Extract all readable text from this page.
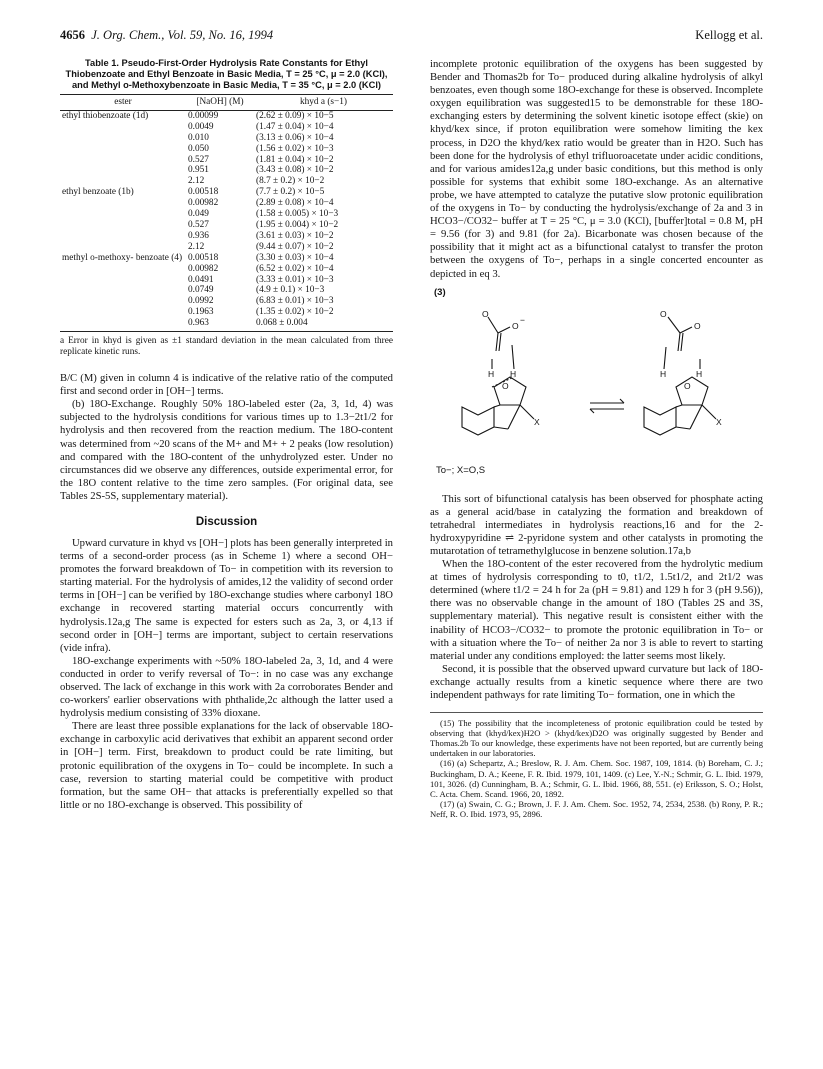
4656 J. Org. Chem., Vol. 59, No. 16, 1994	Kellogg et al.
Table 1. Pseudo-First-Order Hydrolysis Rate Constants for Ethyl Thiobenzoate and Ethyl Benzoate in Basic Media, T = 25 °C, μ = 2.0 (KCl), and Methyl o-Methoxybenzoate in Basic Media, T = 35 °C, μ = 2.0 (KCl)
ester	[NaOH] (M)	khyd a (s−1)
ethyl thiobenzoate (1d)	0.00099	(2.62 ± 0.09) × 10−5
	0.0049	(1.47 ± 0.04) × 10−4
	0.010	(3.13 ± 0.06) × 10−4
	0.050	(1.56 ± 0.02) × 10−3
	0.527	(1.81 ± 0.04) × 10−2
	0.951	(3.43 ± 0.08) × 10−2
	2.12	(8.7 ± 0.2) × 10−2
ethyl benzoate (1b)	0.00518	(7.7 ± 0.2) × 10−5
	0.00982	(2.89 ± 0.08) × 10−4
	0.049	(1.58 ± 0.005) × 10−3
	0.527	(1.95 ± 0.004) × 10−2
	0.936	(3.61 ± 0.03) × 10−2
	2.12	(9.44 ± 0.07) × 10−2
methyl o-methoxy- benzoate (4)	0.00518	(3.30 ± 0.03) × 10−4
	0.00982	(6.52 ± 0.02) × 10−4
	0.0491	(3.33 ± 0.01) × 10−3
	0.0749	(4.9 ± 0.1) × 10−3
	0.0992	(6.83 ± 0.01) × 10−3
	0.1963	(1.35 ± 0.02) × 10−2
	0.963	0.068 ± 0.004
a Error in khyd is given as ±1 standard deviation in the mean calculated from three replicate kinetic runs.

B/C (M) given in column 4 is indicative of the relative ratio of the computed first and second order in [OH−] terms.

(b) 18O-Exchange. Roughly 50% 18O-labeled ester (2a, 3, 1d, 4) was subjected to the hydrolysis conditions for various times up to 1.3−2t1/2 for hydrolysis and then recovered from the reaction medium. The 18O-content was determined from ~20 scans of the M+ and M+ + 2 peaks (low resolution) and compared with the 18O-content of the unhydrolyzed ester. Under no circumstances did we observe any differences, outside experimental error, for the 18O content relative to the time zero samples. (For original data, see Tables 2S-5S, supplementary material).

Discussion

Upward curvature in khyd vs [OH−] plots has been generally interpreted in terms of a second-order process (as in Scheme 1) where a second OH− promotes the forward breakdown of To− in competition with its reversion to starting material. For the hydrolysis of amides,12 the validity of second order terms in [OH−] can be verified by 18O-exchange studies where carbonyl 18O exchange in recovered starting material occurs concurrently with hydrolysis.12a,g The same is expected for esters such as 2a, 3, or 4,13 if second order in [OH−] terms are important, subject to certain reservations (vide infra).

18O-exchange experiments with ~50% 18O-labeled 2a, 3, 1d, and 4 were conducted in order to verify reversal of To−: in no case was any exchange observed. The lack of exchange in this work with 2a corroborates Bender and co-workers' earlier observations with phthalide,2c although the latter used a hydrolysis medium consisting of 33% dioxane.

There are least three possible explanations for the lack of observable 18O-exchange in carboxylic acid derivatives that exhibit an apparent second order in [OH−] term. First, breakdown to product could be rate limiting, but protonic equilibration of the oxygens in To− could be incomplete. In such a case, reversion to starting material could be competitive with product formation, but the same OH− that attacks is preferentially expelled so that little or no 18O-exchange is observed. This possibility of

incomplete protonic equilibration of the oxygens has been suggested by Bender and Thomas2b for To− produced during alkaline hydrolysis of alkyl benzoates, even though some 18O-exchange for these is observed. Incomplete oxygen equilibration was suggested15 to be demonstrable for these 18O-exchanging esters by determining the solvent kinetic isotope effect (skie) on khyd/kex since, if proton equilibration were somehow limiting the kex process, in D2O the khyd/kex ratio would be greater than in H2O. Such has been done for the hydrolysis of ethyl trifluoroacetate under acidic conditions, and for various amides12a,g under basic conditions, but this method is only possible for systems that exhibit some 18O-exchange. As an alternative probe, we have attempted to catalyze the putative slow protonic equilibration of the oxygens in To− by conducting the hydrolysis/exchange of 2a and 3 in HCO3−/CO32− buffer at T = 25 °C, μ = 3.0 (KCl), [buffer]total = 0.8 M, pH = 9.56 (for 3) and 9.81 (for 2a). Bicarbonate was chosen because of the possibility that it might act as a bifunctional catalyst to transfer the proton between the oxygens of To−, perhaps in a single concerted encounter as depicted in eq 3.

(3)
O
O
−
H H
X
O
O
O
H	H
X
O
To−; X=O,S

This sort of bifunctional catalysis has been observed for phosphate acting as a general acid/base in catalyzing the formation and breakdown of tetrahedral intermediates in hydrolysis reactions,16 and for the 2-hydroxypyridine ⇌ 2-pyridone system and other catalysts in promoting the mutarotation of tetramethylglucose in benzene solution.17a,b

When the 18O-content of the ester recovered from the hydrolytic medium at times of hydrolysis corresponding to t0, t1/2, 1.5t1/2, and 2t1/2 was determined (where t1/2 = 24 h for 2a (pH = 9.81) and 129 h for 3 (pH 9.56)), there was no observable change in the amount of 18O (Tables 2S and 3S, supplementary material). This negative result is consistent either with the inability of HCO3−/CO32− to promote the protonic equilibration in To− or with a situation where the To− of neither 2a nor 3 is able to revert to starting material under any conditions employed: the latter seems most likely.

Second, it is possible that the observed upward curvature but lack of 18O-exchange actually results from a kinetic sequence where there are two independent pathways for rate limiting To− formation, one in which the

(15) The possibility that the incompleteness of protonic equilibration could be tested by observing that (khyd/kex)H2O > (khyd/kex)D2O was originally suggested by Bender and Thomas.2b To our knowledge, these experiments have not been reported, but are currently being undertaken in our laboratories.

(16) (a) Schepartz, A.; Breslow, R. J. Am. Chem. Soc. 1987, 109, 1814. (b) Boreham, C. J.; Buckingham, D. A.; Keene, F. R. Ibid. 1979, 101, 1409. (c) Lee, Y.-N.; Schmir, G. L. Ibid. 1979, 101, 3026. (d) Cunningham, B. A.; Schmir, G. L. Ibid. 1966, 88, 551. (e) Eriksson, S. O.; Holst, C. Acta. Chem. Scand. 1966, 20, 1892.

(17) (a) Swain, C. G.; Brown, J. F. J. Am. Chem. Soc. 1952, 74, 2534, 2538. (b) Rony, P. R.; Neff, R. O. Ibid. 1973, 95, 2896.
